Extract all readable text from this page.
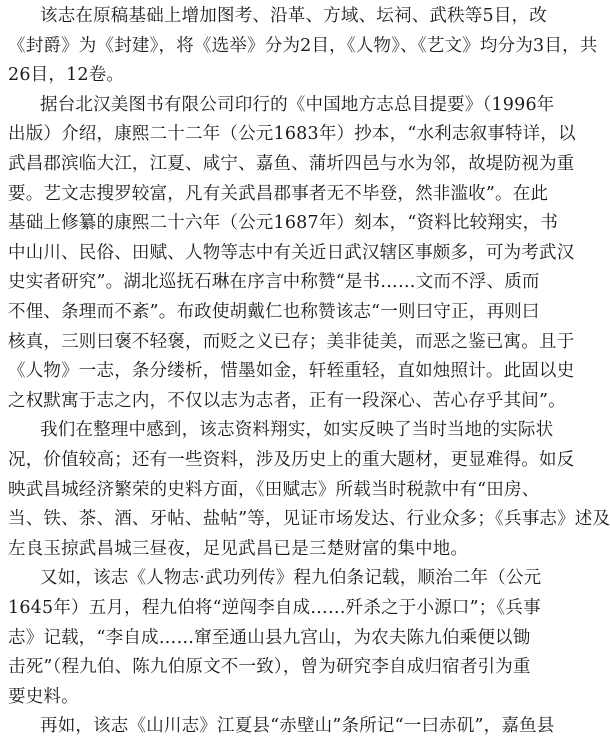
该志在原稿基础上增加图考、沿革、方域、坛祠、武秩等5目，改
《封爵》为《封建》，将《选举》分为2目，《人物》、《艺文》均分为3目，共
26目，12卷。
据台北汉美图书有限公司印行的《中国地方志总目提要》（1996年
出版）介绍，康熙二十二年（公元1683年）抄本，“水利志叙事特详，以
武昌郡滨临大江，江夏、咸宁、嘉鱼、蒲圻四邑与水为邻，故堤防视为重
要。艺文志搜罗较富，凡有关武昌郡事者无不毕登，然非滥收”。在此
基础上修纂的康熙二十六年（公元1687年）刻本，“资料比较翔实，书
中山川、民俗、田赋、人物等志中有关近日武汉辖区事颇多，可为考武汉
史实者研究”。湖北巡抚石琳在序言中称赞“是书……文而不浮、质而
不俚、条理而不紊”。布政使胡戴仁也称赞该志“一则曰守正，再则曰
核真，三则曰褒不轻褒，而贬之义已存；美非徒美，而恶之鉴已寓。且于
《人物》一志，条分缕析，惜墨如金，轩轾重轻，直如烛照计。此固以史
之权默寓于志之内，不仅以志为志者，正有一段深心、苦心存乎其间”。
我们在整理中感到，该志资料翔实，如实反映了当时当地的实际状
况，价值较高；还有一些资料，涉及历史上的重大题材，更显难得。如反
映武昌城经济繁荣的史料方面，《田赋志》所载当时税款中有“田房、
当、铁、茶、酒、牙帖、盐帖”等，见证市场发达、行业众多；《兵事志》述及
左良玉掠武昌城三昼夜，足见武昌已是三楚财富的集中地。
又如，该志《人物志·武功列传》程九伯条记载，顺治二年（公元
1645年）五月，程九伯将“逆闯李自成……歼杀之于小源口”；《兵事
志》记载，“李自成……窜至通山县九宫山，为农夫陈九伯乘便以锄
击死”（程九伯、陈九伯原文不一致），曾为研究李自成归宿者引为重
要史料。
再如，该志《山川志》江夏县“赤壁山”条所记“一曰赤矶”，嘉鱼县
